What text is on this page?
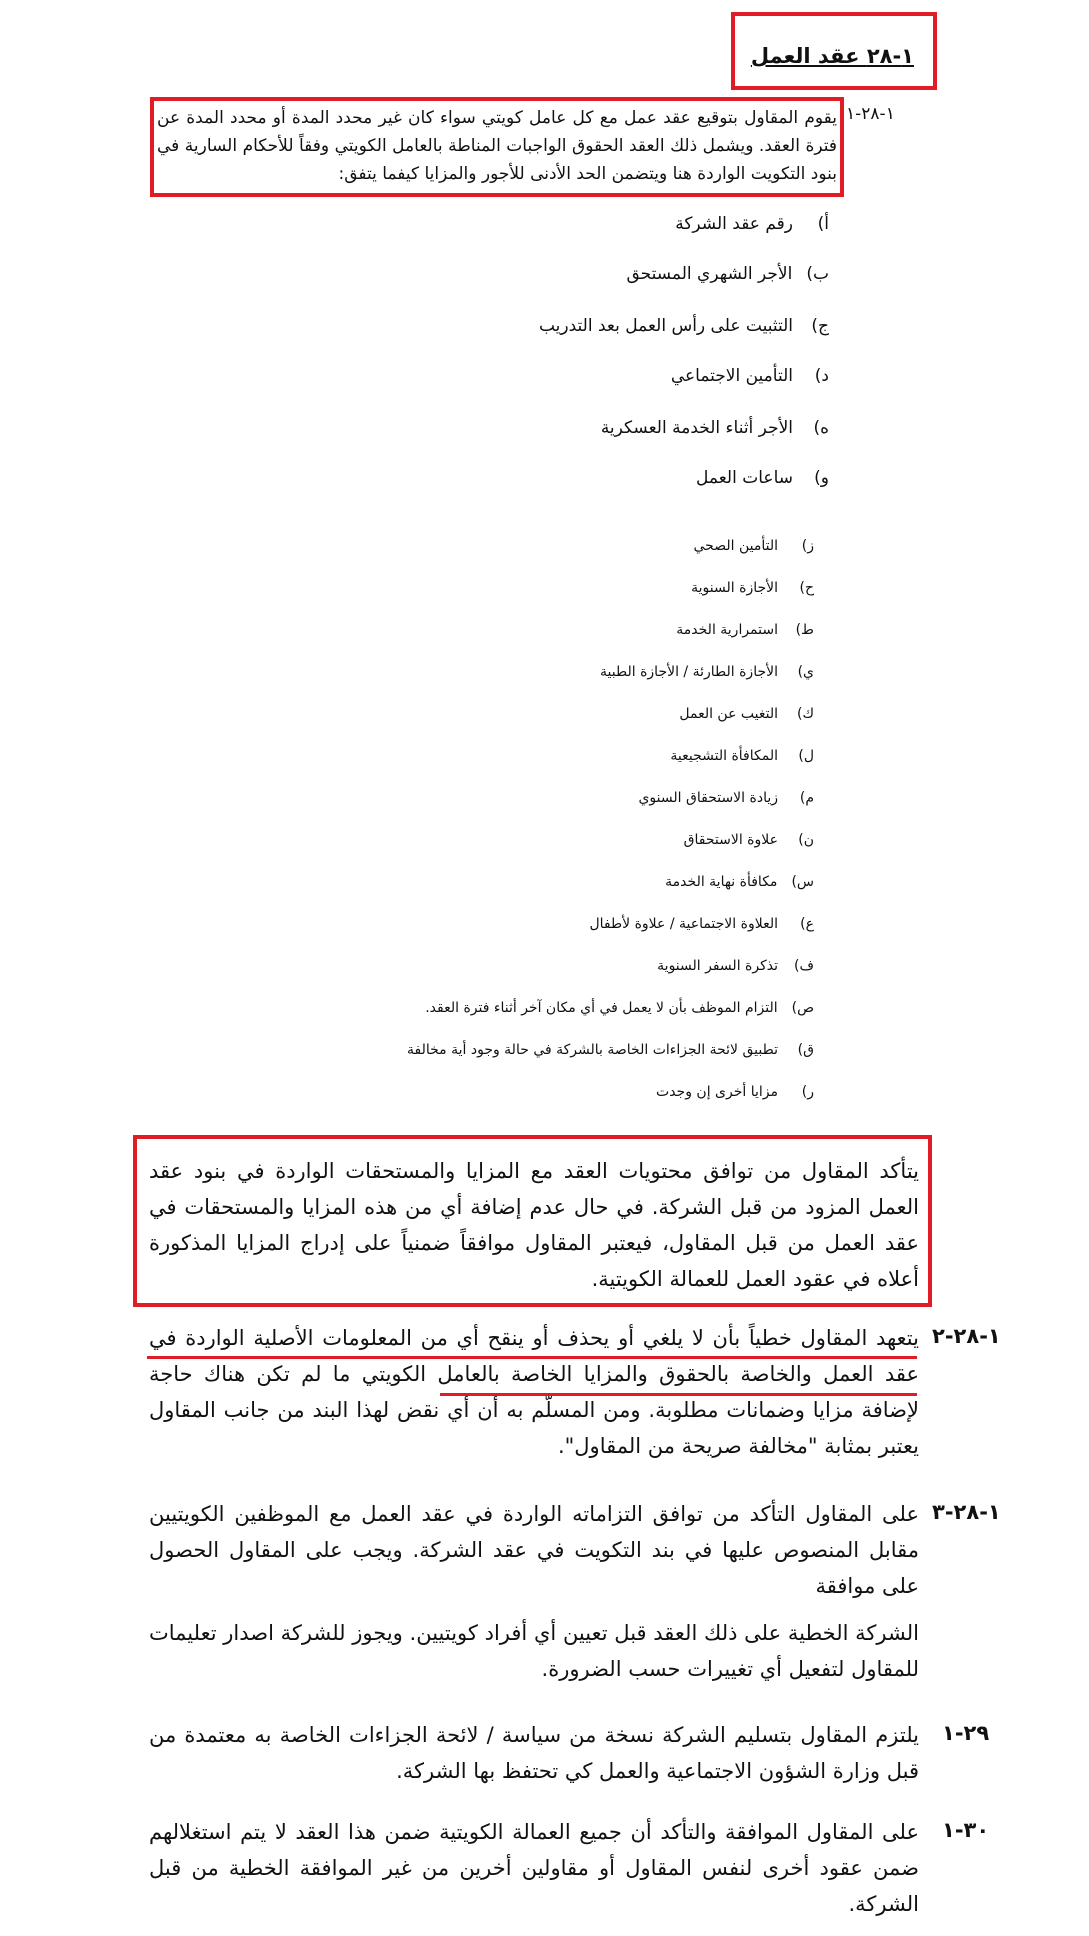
١-٢٨ عقد العمل
١-٢٨-١
يقوم المقاول بتوقيع عقد عمل مع كل عامل كويتي سواء كان غير محدد المدة أو محدد المدة عن فترة العقد. ويشمل ذلك العقد الحقوق الواجبات المناطة بالعامل الكويتي وفقاً للأحكام السارية في بنود التكويت الواردة هنا ويتضمن الحد الأدنى للأجور والمزايا كيفما يتفق:
أ)
رقم عقد الشركة
ب)
الأجر الشهري المستحق
ج)
التثبيت على رأس العمل بعد التدريب
د)
التأمين الاجتماعي
ه)
الأجر أثناء الخدمة العسكرية
و)
ساعات العمل
ز)
التأمين الصحي
ح)
الأجازة السنوية
ط)
استمرارية الخدمة
ي)
الأجازة الطارئة / الأجازة الطبية
ك)
التغيب عن العمل
ل)
المكافأة التشجيعية
م)
زيادة الاستحقاق السنوي
ن)
علاوة الاستحقاق
س)
مكافأة نهاية الخدمة
ع)
العلاوة الاجتماعية / علاوة لأطفال
ف)
تذكرة السفر السنوية
ص)
التزام الموظف بأن لا يعمل في أي مكان آخر أثناء فترة العقد.
ق)
تطبيق لائحة الجزاءات الخاصة بالشركة في حالة وجود أية مخالفة
ر)
مزايا أخرى إن وجدت
يتأكد المقاول من توافق محتويات العقد مع المزايا والمستحقات الواردة في بنود عقد العمل المزود من قبل الشركة. في حال عدم إضافة أي من هذه المزايا والمستحقات في عقد العمل من قبل المقاول، فيعتبر المقاول موافقاً ضمنياً على إدراج المزايا المذكورة أعلاه في عقود العمل للعمالة الكويتية.
١-٢٨-٢
يتعهد المقاول خطياً بأن لا يلغي أو يحذف أو ينقح أي من المعلومات الأصلية الواردة في عقد العمل والخاصة بالحقوق والمزايا الخاصة بالعامل الكويتي ما لم تكن هناك حاجة لإضافة مزايا وضمانات مطلوبة. ومن المسلّم به أن أي نقض لهذا البند من جانب المقاول يعتبر بمثابة "مخالفة صريحة من المقاول".
١-٢٨-٣
على المقاول التأكد من توافق التزاماته الواردة في عقد العمل مع الموظفين الكويتيين مقابل المنصوص عليها في بند التكويت في عقد الشركة. ويجب على المقاول الحصول على موافقة
الشركة الخطية على ذلك العقد قبل تعيين أي أفراد كويتيين. ويجوز للشركة اصدار تعليمات للمقاول لتفعيل أي تغييرات حسب الضرورة.
٢٩-١
يلتزم المقاول بتسليم الشركة نسخة من سياسة / لائحة الجزاءات الخاصة به معتمدة من قبل وزارة الشؤون الاجتماعية والعمل كي تحتفظ بها الشركة.
٣٠-١
على المقاول الموافقة والتأكد أن جميع العمالة الكويتية ضمن هذا العقد لا يتم استغلالهم ضمن عقود أخرى لنفس المقاول أو مقاولين أخرين من غير الموافقة الخطية من قبل الشركة.
